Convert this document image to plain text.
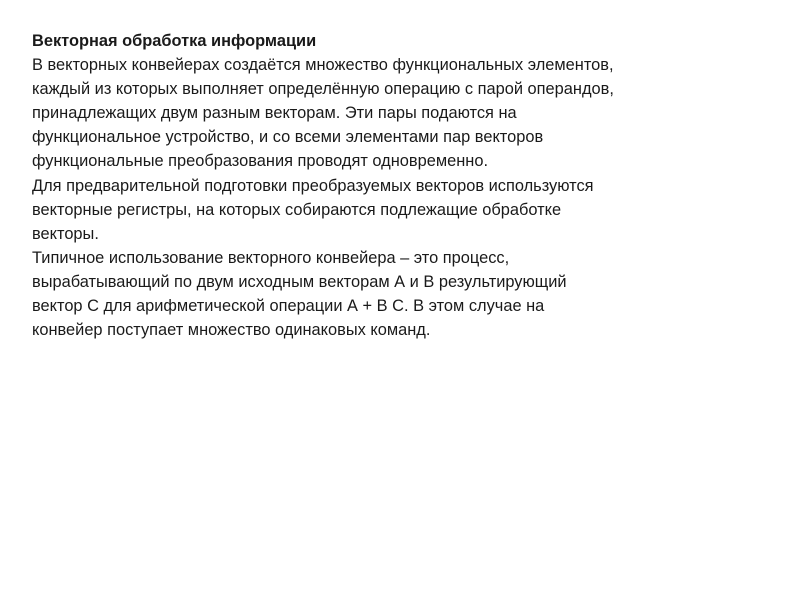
Векторная обработка информации

В векторных конвейерах создаётся множество функциональных элементов,
каждый из которых выполняет определённую операцию с парой операндов,
принадлежащих двум разным векторам. Эти пары подаются на
функциональное устройство, и со всеми элементами пар векторов
функциональные преобразования проводят одновременно.

Для предварительной подготовки преобразуемых векторов используются
векторные регистры, на которых собираются подлежащие обработке
векторы.

Типичное использование векторного конвейера – это процесс,
вырабатывающий по двум исходным векторам А и В результирующий
вектор С для арифметической операции А + В С. В этом случае на
конвейер поступает множество одинаковых команд.
